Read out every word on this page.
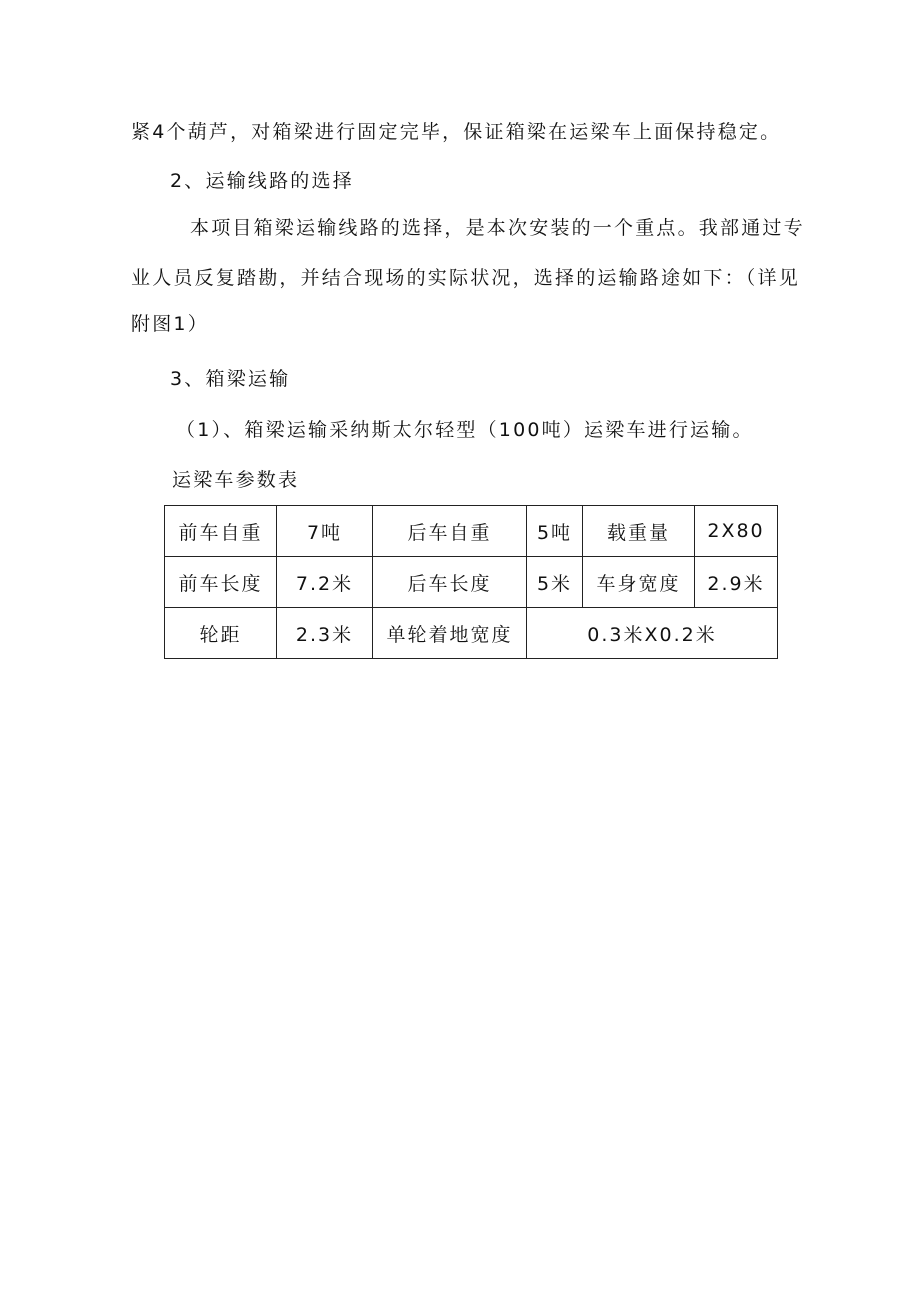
紧4个葫芦，对箱梁进行固定完毕，保证箱梁在运梁车上面保持稳定。
2、运输线路的选择
本项目箱梁运输线路的选择，是本次安装的一个重点。我部通过专
业人员反复踏勘，并结合现场的实际状况，选择的运输路途如下：（详见
附图1）
3、箱梁运输
（1）、箱梁运输采纳斯太尔轻型（100吨）运梁车进行运输。
运梁车参数表
前车自重	7吨	后车自重	5吨	载重量	2X80
前车长度	7.2米	后车长度	5米	车身宽度	2.9米
轮距	2.3米	单轮着地宽度	0.3米X0.2米		
